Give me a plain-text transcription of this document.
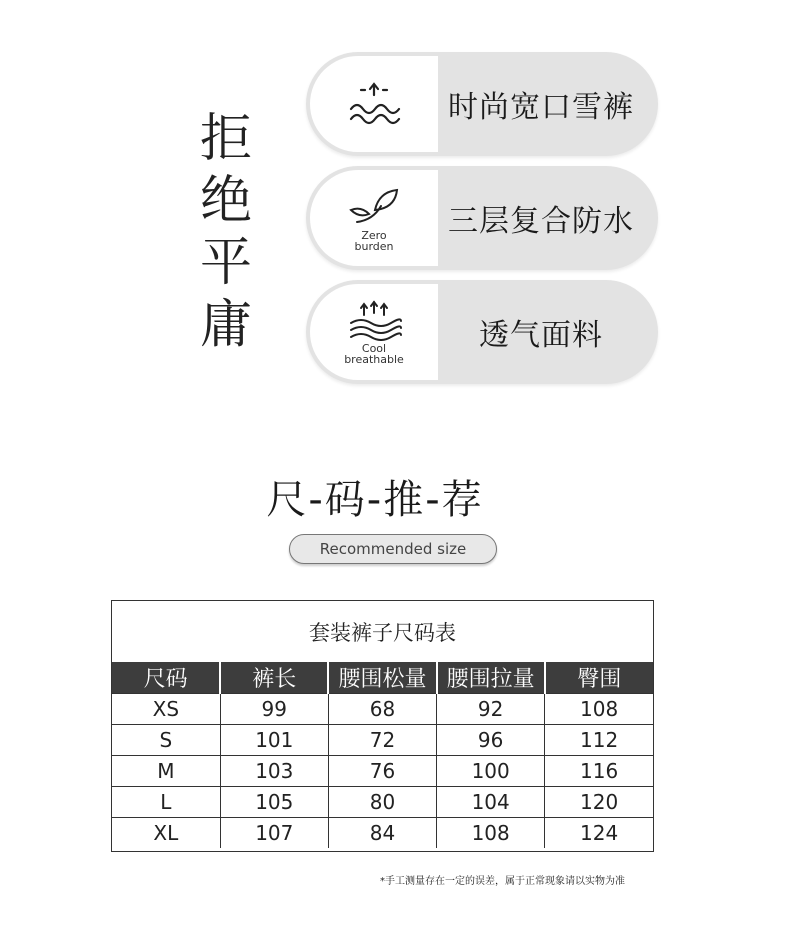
拒
绝
平
庸
时尚宽口雪裤
Zero
burden
三层复合防水
Cool
breathable
透气面料
尺-码-推-荐
Recommended size
套装裤子尺码表
尺码	裤长	腰围松量	腰围拉量	臀围
XS	99	68	92	108
S	101	72	96	112
M	103	76	100	116
L	105	80	104	120
XL	107	84	108	124
*手工测量存在一定的误差，属于正常现象请以实物为准
